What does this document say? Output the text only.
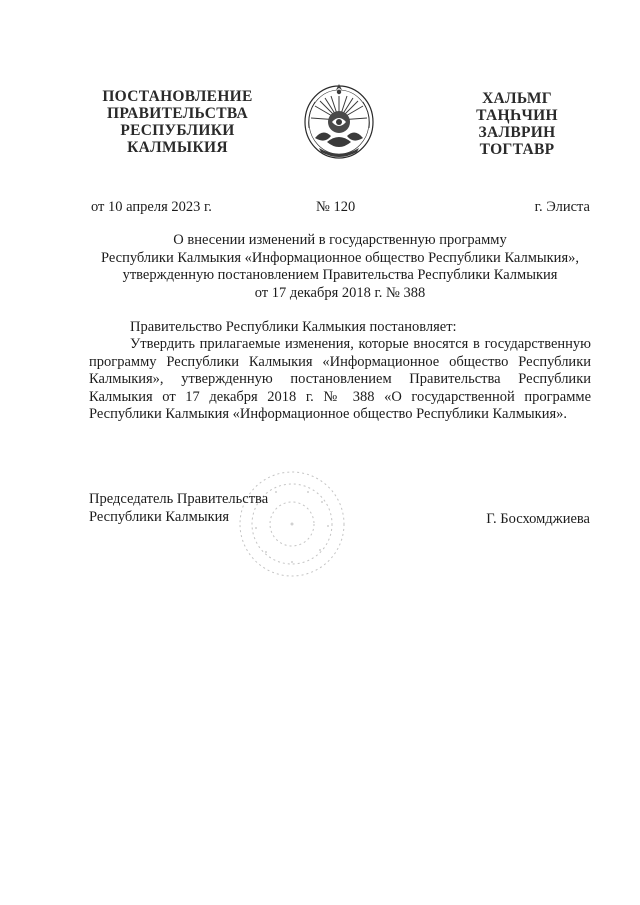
ПОСТАНОВЛЕНИЕ
ПРАВИТЕЛЬСТВА
РЕСПУБЛИКИ
КАЛМЫКИЯ
ХАЛЬМГ
ТАҢҺЧИН
ЗАЛВРИН
ТОГТАВР
от 10 апреля 2023 г.	№ 120	г. Элиста
О внесении изменений в государственную программу
Республики Калмыкия «Информационное общество Республики Калмыкия»,
утвержденную постановлением Правительства Республики Калмыкия
от 17 декабря 2018 г. № 388
Правительство Республики Калмыкия постановляет:
Утвердить прилагаемые изменения, которые вносятся в государственную программу Республики Калмыкия «Информационное общество Республики Калмыкия», утвержденную постановлением Правительства Республики Калмыкия от 17 декабря 2018 г. № 388 «О государственной программе Республики Калмыкия «Информационное общество Республики Калмыкия».
Председатель Правительства
Республики Калмыкия	Г. Босхомджиева
